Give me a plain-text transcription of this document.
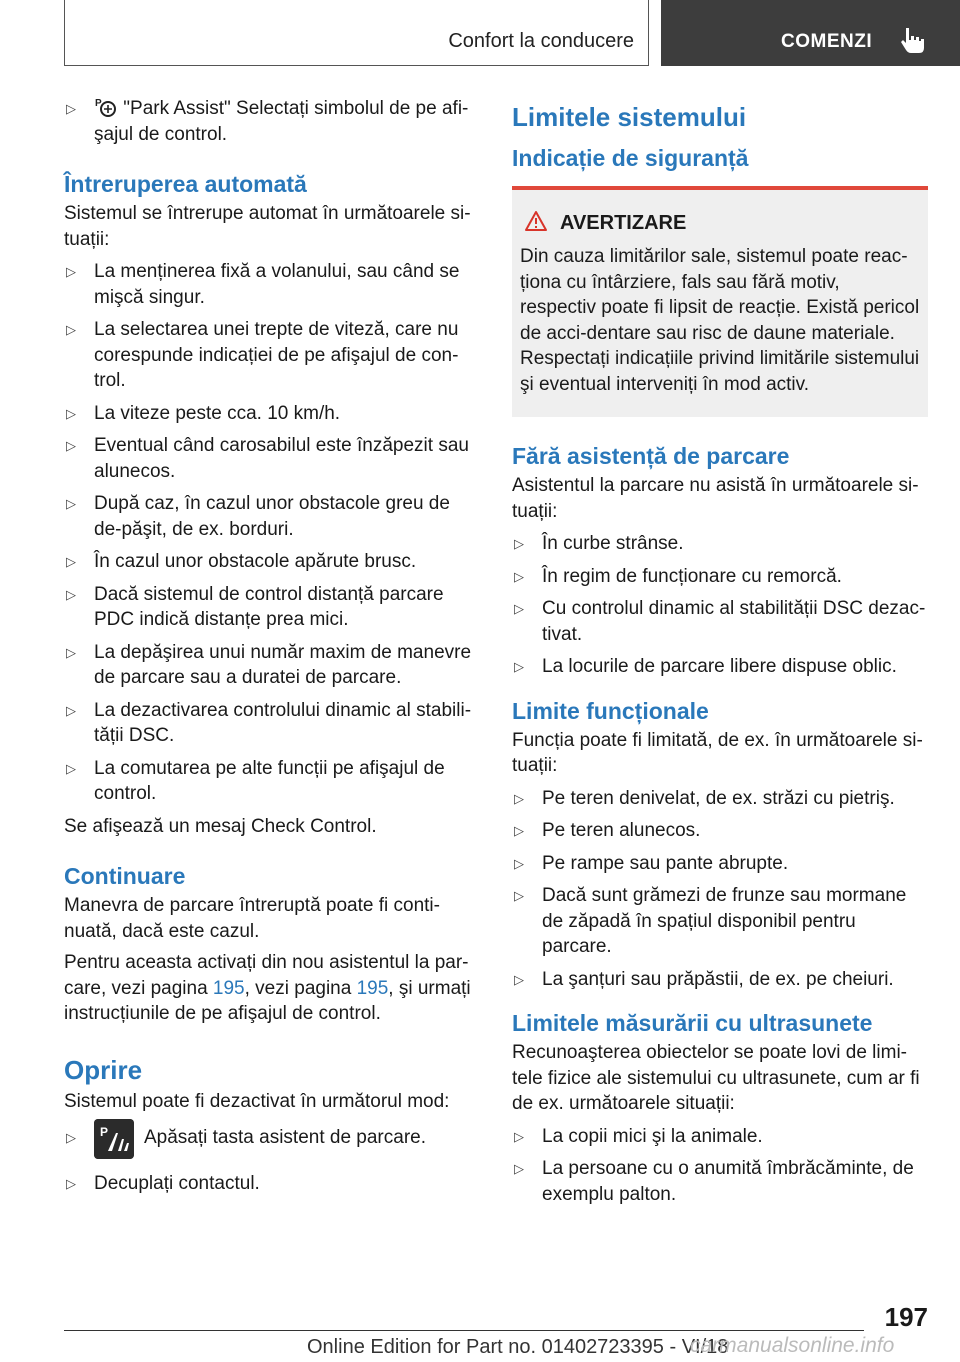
Confort la conducere	COMENZI
▷ P "Park Assist" Selectați simbolul de pe afi-şajul de control.
Întreruperea automată
Sistemul se întrerupe automat în următoarele si-tuații:
▷ La menținerea fixă a volanului, sau când se mişcă singur.
▷ La selectarea unei trepte de viteză, care nu corespunde indicației de pe afişajul de con-trol.
▷ La viteze peste cca. 10 km/h.
▷ Eventual când carosabilul este înzăpezit sau alunecos.
▷ După caz, în cazul unor obstacole greu de de-păşit, de ex. borduri.
▷ În cazul unor obstacole apărute brusc.
▷ Dacă sistemul de control distanță parcare PDC indică distanțe prea mici.
▷ La depăşirea unui număr maxim de manevre de parcare sau a duratei de parcare.
▷ La dezactivarea controlului dinamic al stabili-tății DSC.
▷ La comutarea pe alte funcții pe afişajul de control.
Se afişează un mesaj Check Control.
Continuare
Manevra de parcare întreruptă poate fi conti-nuată, dacă este cazul.
Pentru aceasta activați din nou asistentul la par-care, vezi pagina 195, vezi pagina 195, şi urmați instrucțiunile de pe afişajul de control.
Oprire
Sistemul poate fi dezactivat în următorul mod:
▷ P Apăsați tasta asistent de parcare.
▷ Decuplați contactul.
Limitele sistemului
Indicație de siguranță
AVERTIZARE
Din cauza limitărilor sale, sistemul poate reac-ționa cu întârziere, fals sau fără motiv, respectiv poate fi lipsit de reacție. Există pericol de acci-dentare sau risc de daune materiale. Respectați indicațiile privind limitările sistemului şi eventual interveniți în mod activ.
Fără asistență de parcare
Asistentul la parcare nu asistă în următoarele si-tuații:
▷ În curbe strânse.
▷ În regim de funcționare cu remorcă.
▷ Cu controlul dinamic al stabilității DSC dezac-tivat.
▷ La locurile de parcare libere dispuse oblic.
Limite funcționale
Funcția poate fi limitată, de ex. în următoarele si-tuații:
▷ Pe teren denivelat, de ex. străzi cu pietriş.
▷ Pe teren alunecos.
▷ Pe rampe sau pante abrupte.
▷ Dacă sunt grămezi de frunze sau mormane de zăpadă în spațiul disponibil pentru parcare.
▷ La şanțuri sau prăpăstii, de ex. pe cheiuri.
Limitele măsurării cu ultrasunete
Recunoaşterea obiectelor se poate lovi de limi-tele fizice ale sistemului cu ultrasunete, cum ar fi de ex. următoarele situații:
▷ La copii mici şi la animale.
▷ La persoane cu o anumită îmbrăcăminte, de exemplu palton.
197
Online Edition for Part no. 01402723395 - VI/18
carmanualsonline.info
